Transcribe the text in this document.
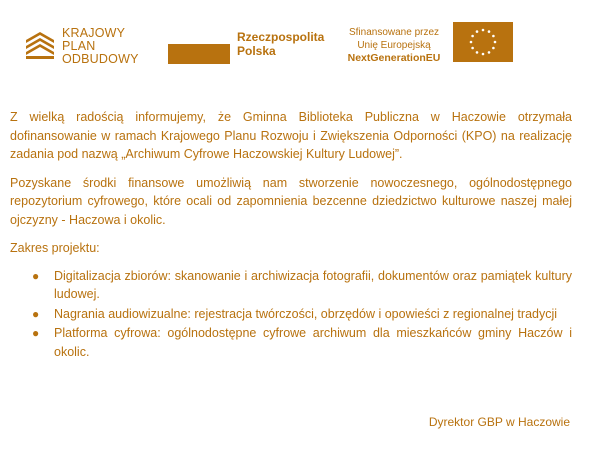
KRAJOWY
PLAN
ODBUDOWY
Rzeczpospolita
Polska
Sfinansowane przez
Unię Europejską
NextGenerationEU

Z wielką radością informujemy, że Gminna Biblioteka Publiczna w Haczowie otrzymała dofinansowanie w ramach Krajowego Planu Rozwoju i Zwiększenia Odporności (KPO) na realizację zadania pod nazwą „Archiwum Cyfrowe Haczowskiej Kultury Ludowej”.

Pozyskane środki finansowe umożliwią nam stworzenie nowoczesnego, ogólnodostępnego repozytorium cyfrowego, które ocali od zapomnienia bezcenne dziedzictwo kulturowe naszej małej ojczyzny - Haczowa i okolic.

Zakres projektu:

● Digitalizacja zbiorów: skanowanie i archiwizacja fotografii, dokumentów oraz pamiątek kultury ludowej.
● Nagrania audiowizualne: rejestracja twórczości, obrzędów i opowieści z regionalnej tradycji
● Platforma cyfrowa: ogólnodostępne cyfrowe archiwum dla mieszkańców gminy Haczów i okolic.
Dyrektor GBP w Haczowie
